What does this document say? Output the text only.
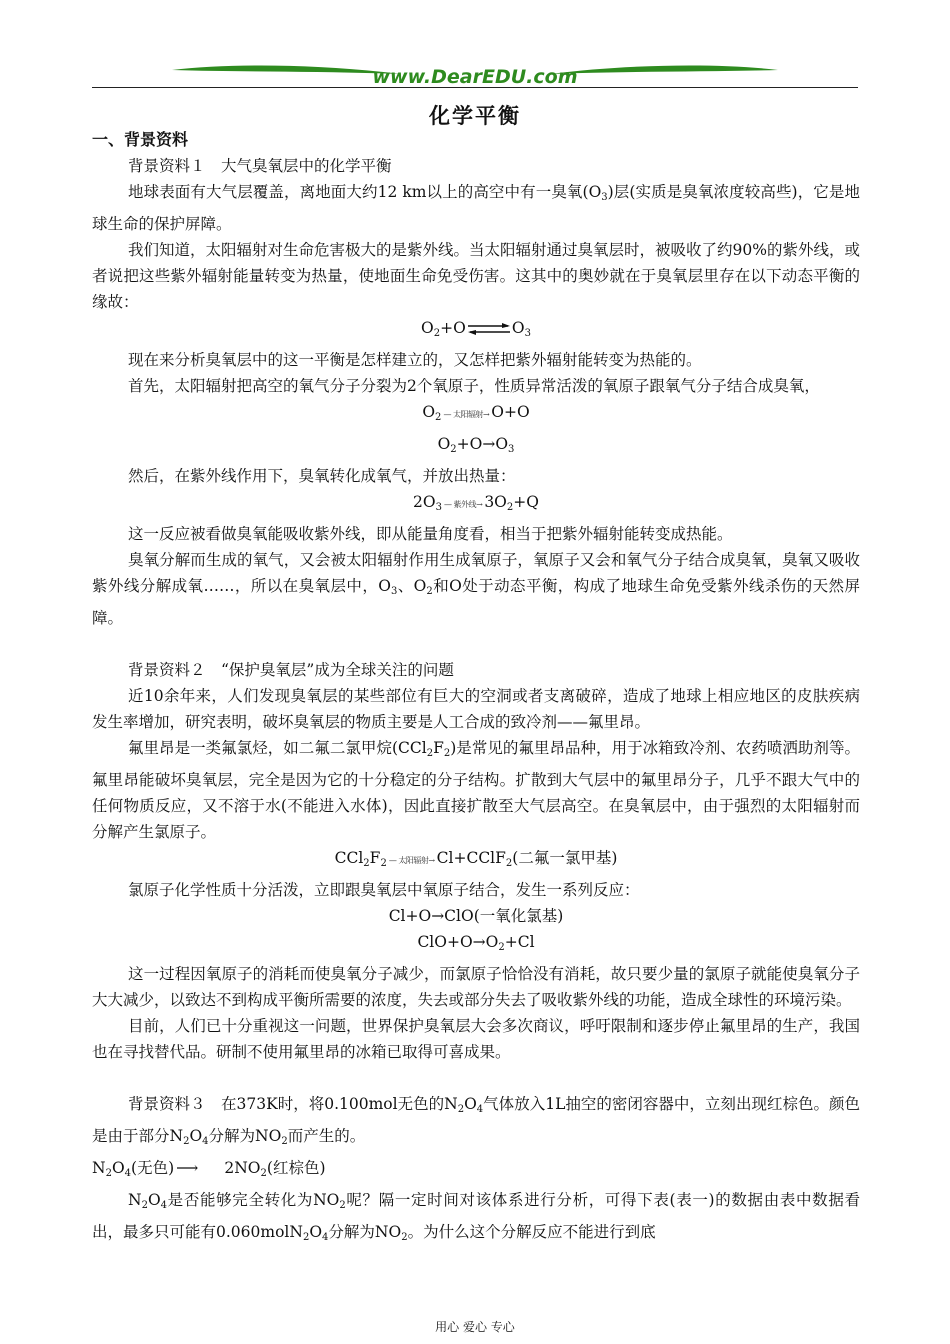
www.DearEDU.com
化学平衡

一、背景资料

背景资料１　大气臭氧层中的化学平衡

地球表面有大气层覆盖，离地面大约12 km以上的高空中有一臭氧$(O_3)$层(实质是臭氧浓度较高些)，它是地球生命的保护屏障。

我们知道，太阳辐射对生命危害极大的是紫外线。当太阳辐射通过臭氧层时，被吸收了约90%的紫外线，或者说把这些紫外辐射能量转变为热量，使地面生命免受伤害。这其中的奥妙就在于臭氧层里存在以下动态平衡的缘故：

$O_2+O\rightleftharpoons O_3$

现在来分析臭氧层中的这一平衡是怎样建立的，又怎样把紫外辐射能转变为热能的。

首先，太阳辐射把高空的氧气分子分裂为2个氧原子，性质异常活泼的氧原子跟氧气分子结合成臭氧，

$O_2$ — 太阳辐射→ O+O

$O_2+O\to O_3$

然后，在紫外线作用下，臭氧转化成氧气，并放出热量：

$2O_3$ — 紫外线→ $3O_2+Q$

这一反应被看做臭氧能吸收紫外线，即从能量角度看，相当于把紫外辐射能转变成热能。

臭氧分解而生成的氧气，又会被太阳辐射作用生成氧原子，氧原子又会和氧气分子结合成臭氧，臭氧又吸收紫外线分解成氧……，所以在臭氧层中，$O_3$、$O_2$和O处于动态平衡，构成了地球生命免受紫外线杀伤的天然屏障。

背景资料２　“保护臭氧层”成为全球关注的问题

近10余年来，人们发现臭氧层的某些部位有巨大的空洞或者支离破碎，造成了地球上相应地区的皮肤疾病发生率增加，研究表明，破坏臭氧层的物质主要是人工合成的致冷剂——氟里昂。

氟里昂是一类氟氯烃，如二氟二氯甲烷$(CCl_2F_2)$是常见的氟里昂品种，用于冰箱致冷剂、农药喷洒助剂等。氟里昂能破坏臭氧层，完全是因为它的十分稳定的分子结构。扩散到大气层中的氟里昂分子，几乎不跟大气中的任何物质反应，又不溶于水(不能进入水体)，因此直接扩散至大气层高空。在臭氧层中，由于强烈的太阳辐射而分解产生氯原子。

$CCl_2F_2$ — 太阳辐射→ Cl+CClF$_2$(二氟一氯甲基)

氯原子化学性质十分活泼，立即跟臭氧层中氧原子结合，发生一系列反应：

Cl+O→ClO(一氧化氯基)

$ClO+O\to O_2+Cl$

这一过程因氧原子的消耗而使臭氧分子减少，而氯原子恰恰没有消耗，故只要少量的氯原子就能使臭氧分子大大减少，以致达不到构成平衡所需要的浓度，失去或部分失去了吸收紫外线的功能，造成全球性的环境污染。

目前，人们已十分重视这一问题，世界保护臭氧层大会多次商议，呼吁限制和逐步停止氟里昂的生产，我国也在寻找替代品。研制不使用氟里昂的冰箱已取得可喜成果。

背景资料３　在373K时，将0.100mol无色的$N_2O_4$气体放入1L抽空的密闭容器中，立刻出现红棕色。颜色是由于部分$N_2O_4$分解为$NO_2$而产生的。

$N_2O_4$(无色) ⟶ $2NO_2$(红棕色)

$N_2O_4$是否能够完全转化为$NO_2$呢？隔一定时间对该体系进行分析，可得下表(表一)的数据由表中数据看出，最多只可能有$0.060molN_2O_4$分解为$NO_2$。为什么这个分解反应不能进行到底

用心 爱心 专心
